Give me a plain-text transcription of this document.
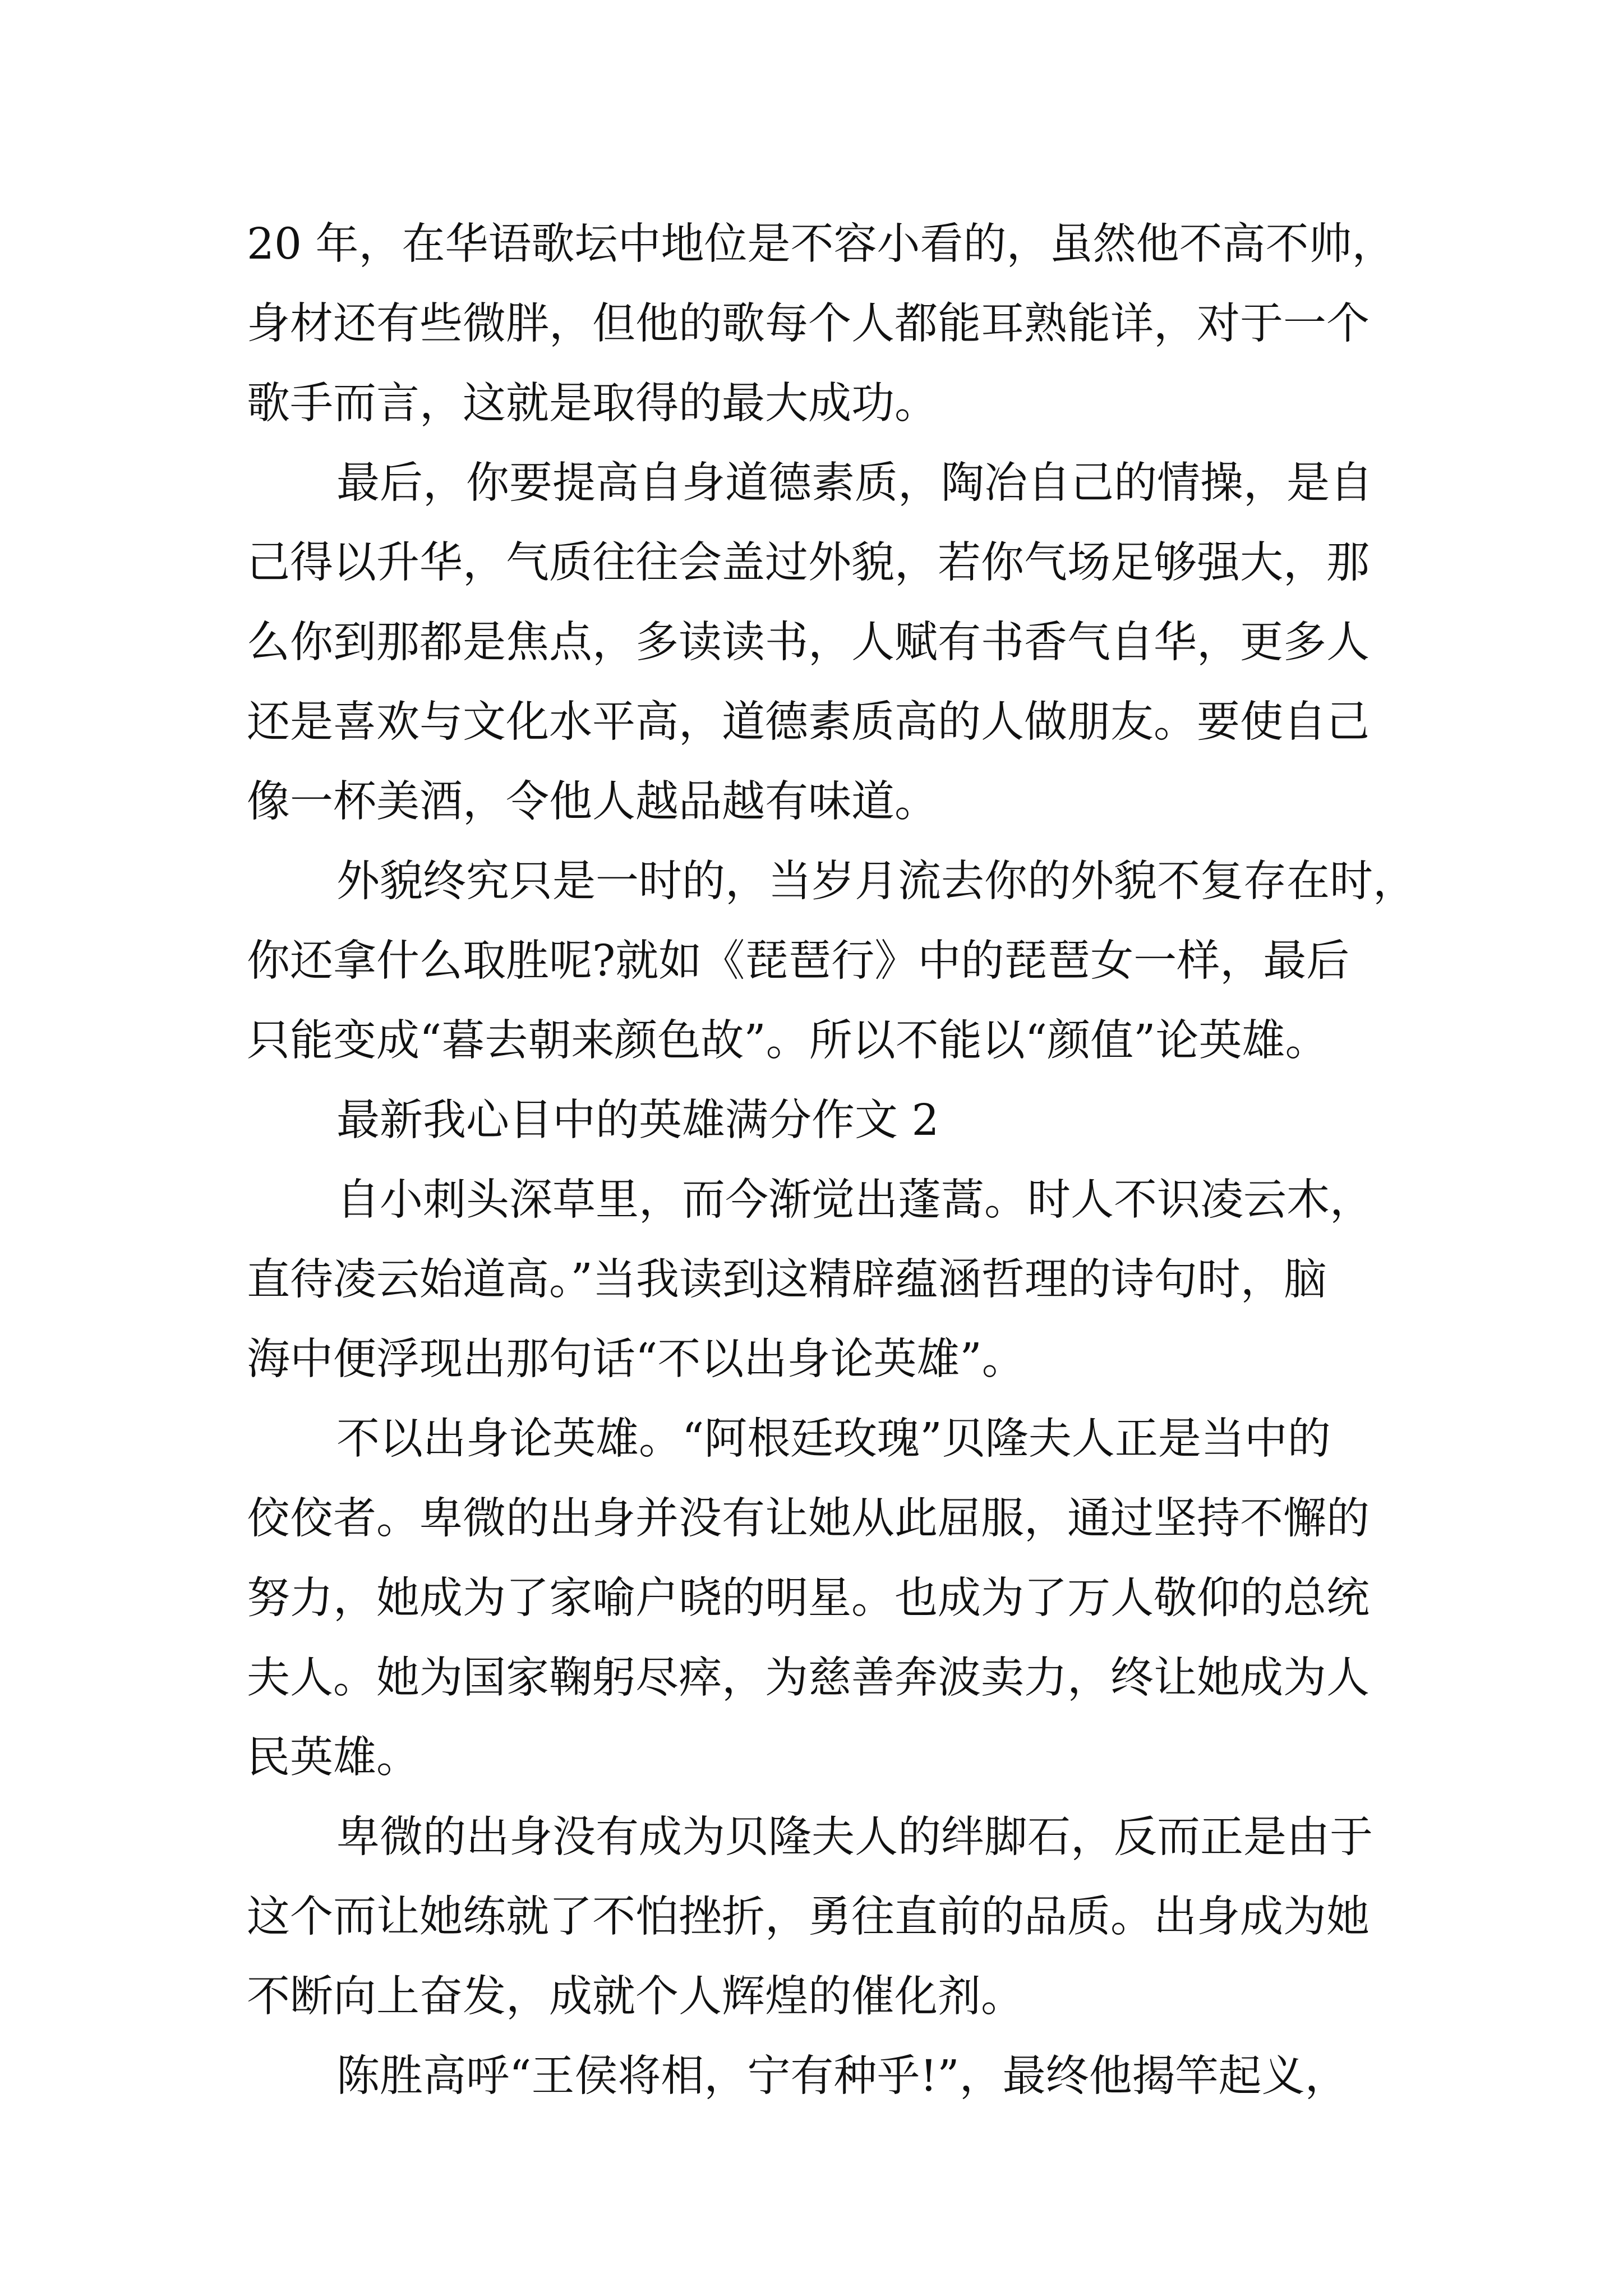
20 年，在华语歌坛中地位是不容小看的，虽然他不高不帅，
身材还有些微胖，但他的歌每个人都能耳熟能详，对于一个
歌手而言，这就是取得的最大成功。
最后，你要提高自身道德素质，陶冶自己的情操，是自
己得以升华，气质往往会盖过外貌，若你气场足够强大，那
么你到那都是焦点，多读读书，人赋有书香气自华，更多人
还是喜欢与文化水平高，道德素质高的人做朋友。要使自己
像一杯美酒，令他人越品越有味道。
外貌终究只是一时的，当岁月流去你的外貌不复存在时，
你还拿什么取胜呢?就如《琵琶行》中的琵琶女一样，最后
只能变成“暮去朝来颜色故”。所以不能以“颜值”论英雄。
最新我心目中的英雄满分作文 2
自小刺头深草里，而今渐觉出蓬蒿。时人不识凌云木，
直待凌云始道高。”当我读到这精辟蕴涵哲理的诗句时，脑
海中便浮现出那句话“不以出身论英雄”。
不以出身论英雄。“阿根廷玫瑰”贝隆夫人正是当中的
佼佼者。卑微的出身并没有让她从此屈服，通过坚持不懈的
努力，她成为了家喻户晓的明星。也成为了万人敬仰的总统
夫人。她为国家鞠躬尽瘁，为慈善奔波卖力，终让她成为人
民英雄。
卑微的出身没有成为贝隆夫人的绊脚石，反而正是由于
这个而让她练就了不怕挫折，勇往直前的品质。出身成为她
不断向上奋发，成就个人辉煌的催化剂。
陈胜高呼“王侯将相，宁有种乎!”，最终他揭竿起义，
